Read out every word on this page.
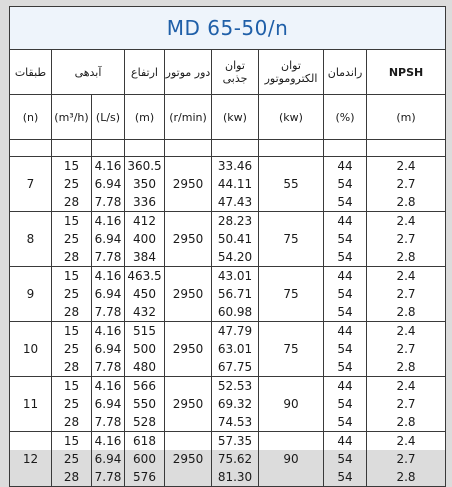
MD 65-50/n								
طبقات	آبدهی		ارتفاع	دور موتور	توان جذبی	توان الکتروموتور	راندمان	NPSH
(n)	(m³/h)	(L/s)	(m)	(r/min)	(kw)	(kw)	(%)	(m)

7	15	4.16	360.5	2950	33.46	55	44	2.4
	25	6.94	350		44.11		54	2.7
	28	7.78	336		47.43		54	2.8
8	15	4.16	412	2950	28.23	75	44	2.4
	25	6.94	400		50.41		54	2.7
	28	7.78	384		54.20		54	2.8
9	15	4.16	463.5	2950	43.01	75	44	2.4
	25	6.94	450		56.71		54	2.7
	28	7.78	432		60.98		54	2.8
10	15	4.16	515	2950	47.79	75	44	2.4
	25	6.94	500		63.01		54	2.7
	28	7.78	480		67.75		54	2.8
11	15	4.16	566	2950	52.53	90	44	2.4
	25	6.94	550		69.32		54	2.7
	28	7.78	528		74.53		54	2.8
12	15	4.16	618	2950	57.35	90	44	2.4
	25	6.94	600		75.62		54	2.7
	28	7.78	576		81.30		54	2.8
